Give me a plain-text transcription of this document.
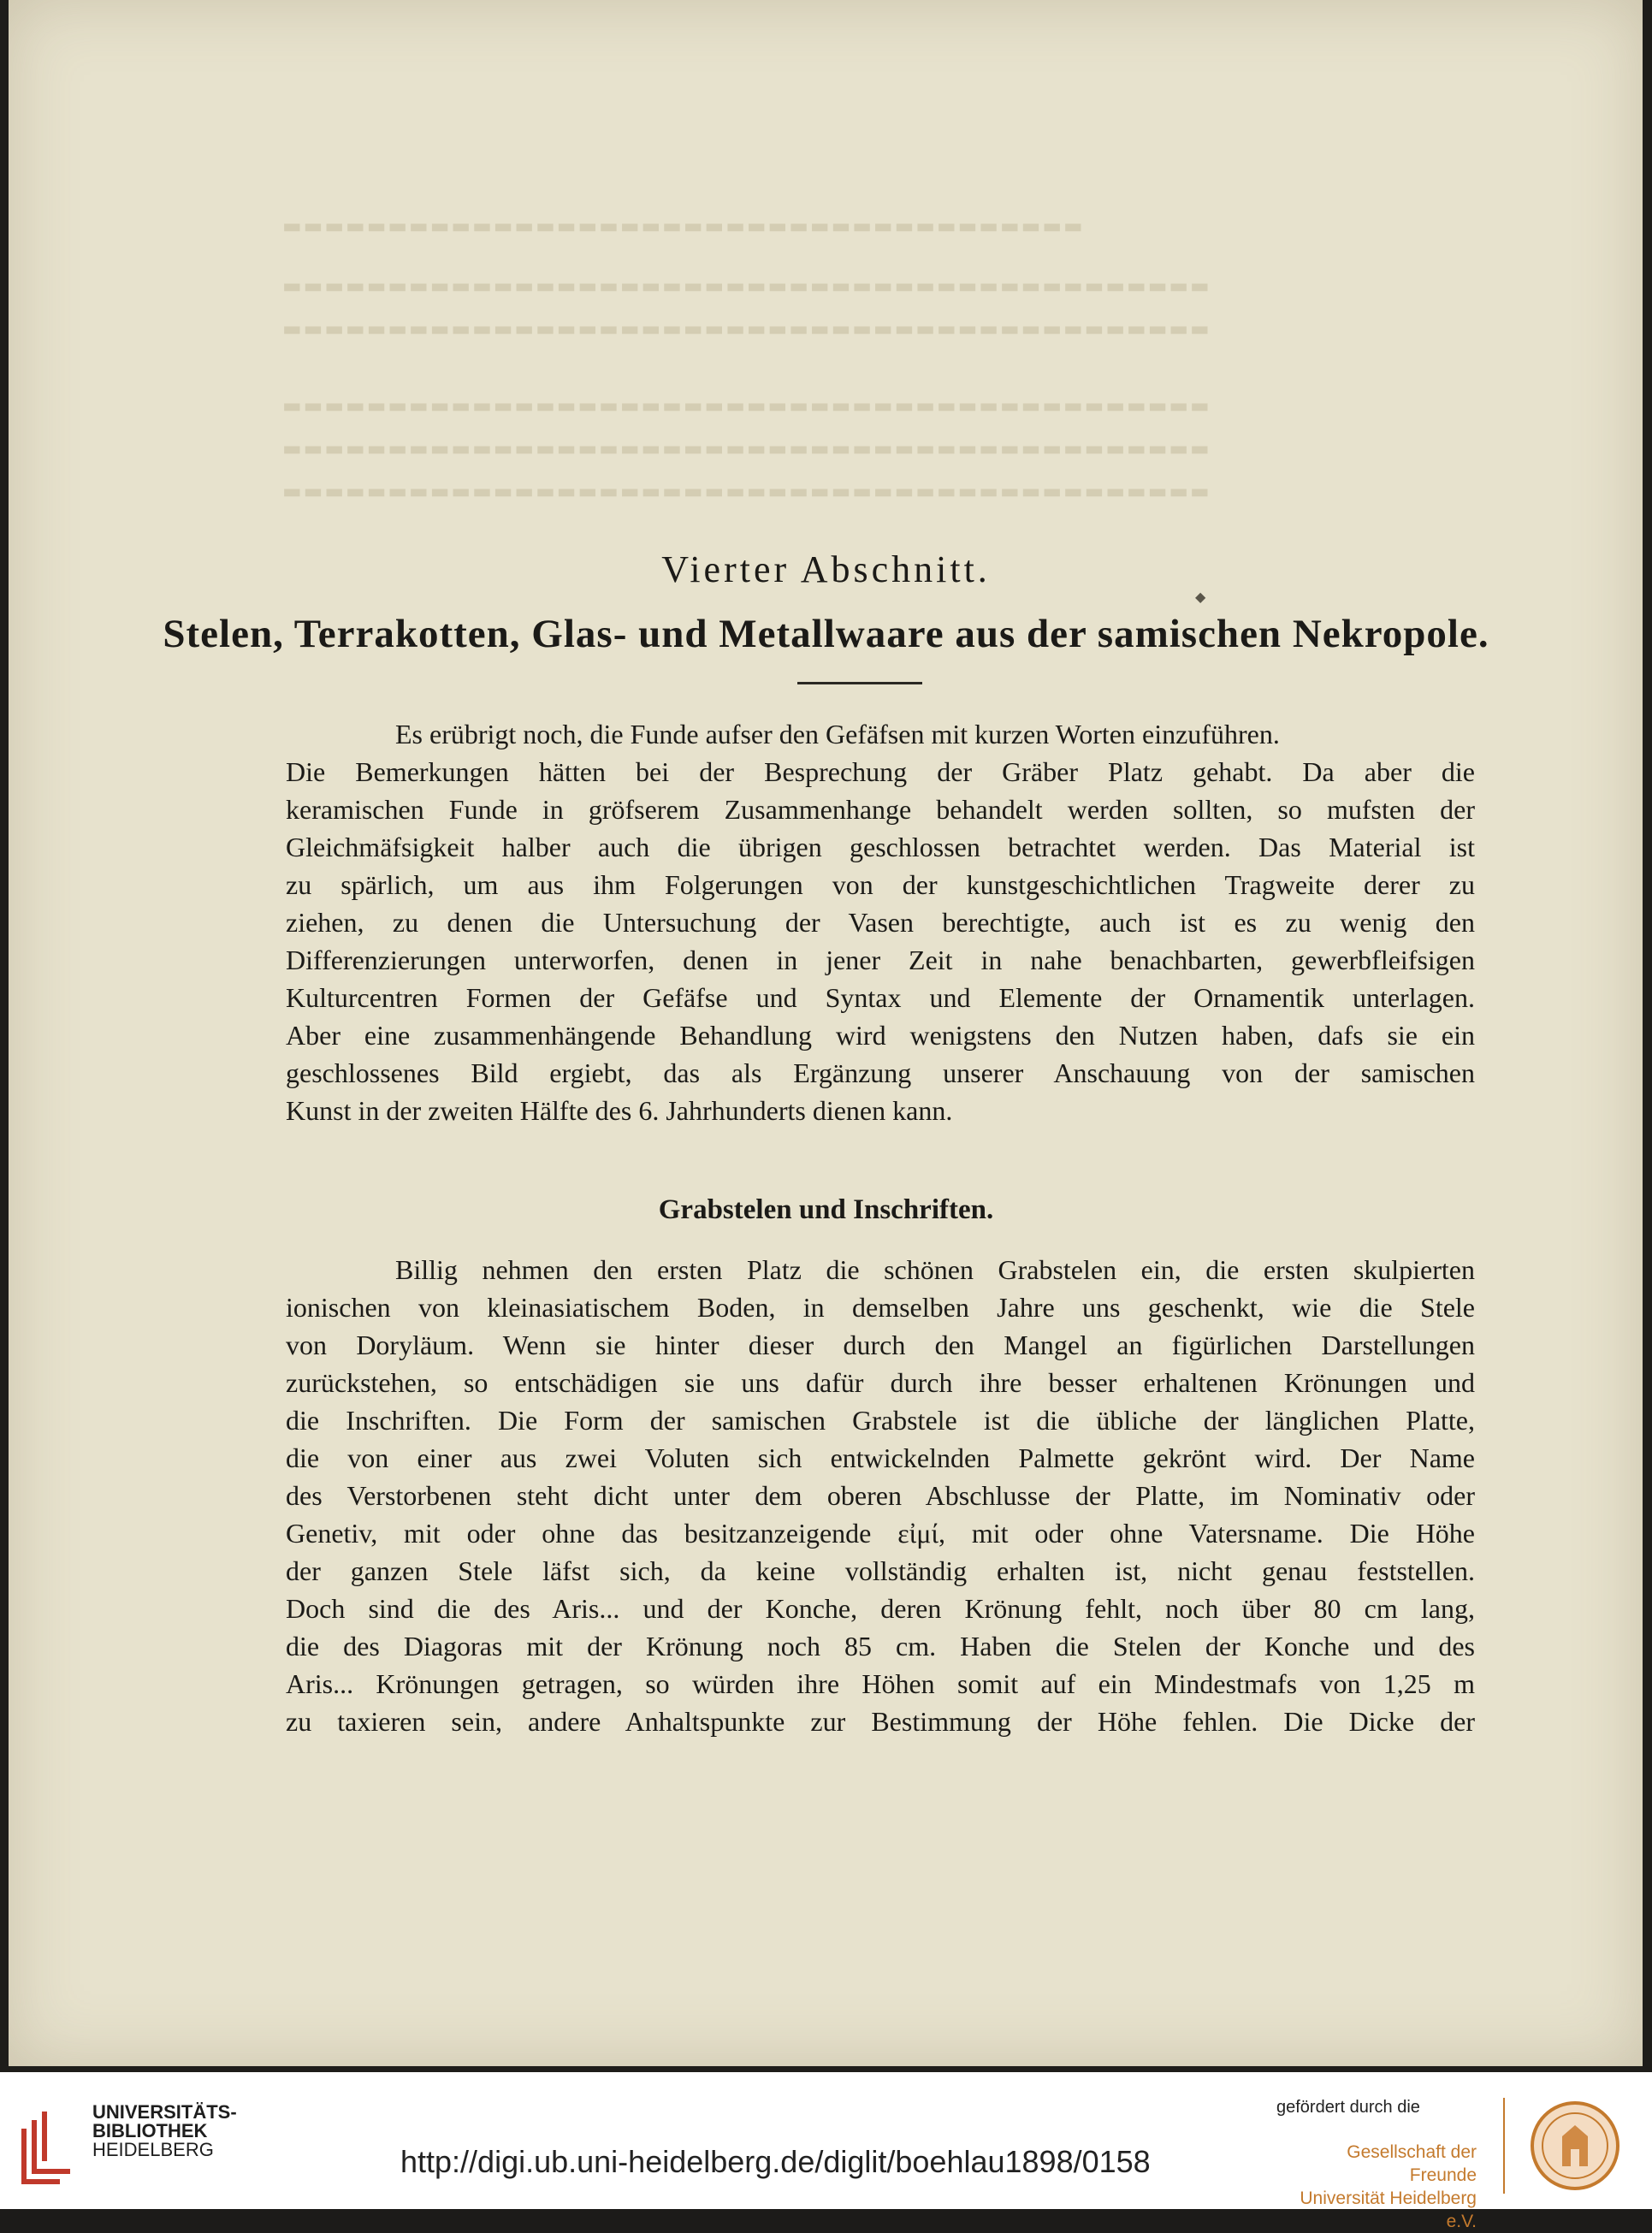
▬▬▬▬▬▬▬▬▬▬▬▬▬▬▬▬▬▬▬▬▬▬▬▬▬▬▬▬▬▬▬▬▬▬▬▬▬▬
▬▬▬▬▬▬▬▬▬▬▬▬▬▬▬▬▬▬▬▬▬▬▬▬▬▬▬▬▬▬▬▬▬▬▬▬▬▬▬▬▬▬▬▬
▬▬▬▬▬▬▬▬▬▬▬▬▬▬▬▬▬▬▬▬▬▬▬▬▬▬▬▬▬▬▬▬▬▬▬▬▬▬▬▬▬▬▬▬
▬▬▬▬▬▬▬▬▬▬▬▬▬▬▬▬▬▬▬▬▬▬▬▬▬▬▬▬▬▬▬▬▬▬▬▬▬▬▬▬▬▬▬▬
▬▬▬▬▬▬▬▬▬▬▬▬▬▬▬▬▬▬▬▬▬▬▬▬▬▬▬▬▬▬▬▬▬▬▬▬▬▬▬▬▬▬▬▬
▬▬▬▬▬▬▬▬▬▬▬▬▬▬▬▬▬▬▬▬▬▬▬▬▬▬▬▬▬▬▬▬▬▬▬▬▬▬▬▬▬▬▬▬
Vierter Abschnitt.
◆
Stelen, Terrakotten, Glas- und Metallwaare aus der samischen Nekropole.
Es erübrigt noch, die Funde aufser den Gefäfsen mit kurzen Worten einzuführen.
Die Bemerkungen hätten bei der Besprechung der Gräber Platz gehabt. Da aber die
keramischen Funde in gröfserem Zusammenhange behandelt werden sollten, so mufsten der
Gleichmäfsigkeit halber auch die übrigen geschlossen betrachtet werden. Das Material ist
zu spärlich, um aus ihm Folgerungen von der kunstgeschichtlichen Tragweite derer zu
ziehen, zu denen die Untersuchung der Vasen berechtigte, auch ist es zu wenig den
Differenzierungen unterworfen, denen in jener Zeit in nahe benachbarten, gewerbfleifsigen
Kulturcentren Formen der Gefäfse und Syntax und Elemente der Ornamentik unterlagen.
Aber eine zusammenhängende Behandlung wird wenigstens den Nutzen haben, dafs sie ein
geschlossenes Bild ergiebt, das als Ergänzung unserer Anschauung von der samischen
Kunst in der zweiten Hälfte des 6. Jahrhunderts dienen kann.
Grabstelen und Inschriften.
Billig nehmen den ersten Platz die schönen Grabstelen ein, die ersten skulpierten
ionischen von kleinasiatischem Boden, in demselben Jahre uns geschenkt, wie die Stele
von Doryläum. Wenn sie hinter dieser durch den Mangel an figürlichen Darstellungen
zurückstehen, so entschädigen sie uns dafür durch ihre besser erhaltenen Krönungen und
die Inschriften. Die Form der samischen Grabstele ist die übliche der länglichen Platte,
die von einer aus zwei Voluten sich entwickelnden Palmette gekrönt wird. Der Name
des Verstorbenen steht dicht unter dem oberen Abschlusse der Platte, im Nominativ oder
Genetiv, mit oder ohne das besitzanzeigende εἰμί, mit oder ohne Vatersname. Die Höhe
der ganzen Stele läfst sich, da keine vollständig erhalten ist, nicht genau feststellen.
Doch sind die des Aris... und der Konche, deren Krönung fehlt, noch über 80 cm lang,
die des Diagoras mit der Krönung noch 85 cm. Haben die Stelen der Konche und des
Aris... Krönungen getragen, so würden ihre Höhen somit auf ein Mindestmafs von 1,25 m
zu taxieren sein, andere Anhaltspunkte zur Bestimmung der Höhe fehlen. Die Dicke der
UNIVERSITÄTS-
BIBLIOTHEK
HEIDELBERG	http://digi.ub.uni-heidelberg.de/diglit/boehlau1898/0158
gefördert durch die
Gesellschaft der Freunde
Universität Heidelberg e.V.
